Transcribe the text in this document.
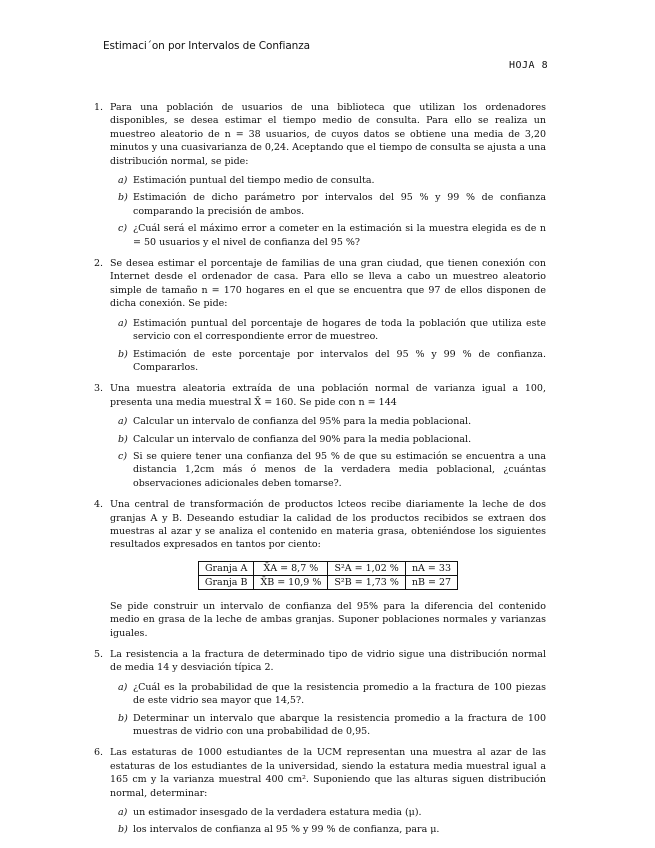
Estimaci´on por Intervalos de Confianza
HOJA 8
1. Para una población de usuarios de una biblioteca que utilizan los ordenadores disponibles, se desea estimar el tiempo medio de consulta. Para ello se realiza un muestreo aleatorio de n = 38 usuarios, de cuyos datos se obtiene una media de 3,20 minutos y una cuasivarianza de 0,24. Aceptando que el tiempo de consulta se ajusta a una distribución normal, se pide:
a) Estimación puntual del tiempo medio de consulta.
b) Estimación de dicho parámetro por intervalos del 95 % y 99 % de confianza comparando la precisión de ambos.
c) ¿Cuál será el máximo error a cometer en la estimación si la muestra elegida es de n = 50 usuarios y el nivel de confianza del 95 %?
2. Se desea estimar el porcentaje de familias de una gran ciudad, que tienen conexión con Internet desde el ordenador de casa. Para ello se lleva a cabo un muestreo aleatorio simple de tamaño n = 170 hogares en el que se encuentra que 97 de ellos disponen de dicha conexión. Se pide:
a) Estimación puntual del porcentaje de hogares de toda la población que utiliza este servicio con el correspondiente error de muestreo.
b) Estimación de este porcentaje por intervalos del 95 % y 99 % de confianza. Compararlos.
3. Una muestra aleatoria extraída de una población normal de varianza igual a 100, presenta una media muestral X̄ = 160. Se pide con n = 144
a) Calcular un intervalo de confianza del 95% para la media poblacional.
b) Calcular un intervalo de confianza del 90% para la media poblacional.
c) Si se quiere tener una confianza del 95 % de que su estimación se encuentra a una distancia 1,2cm más ó menos de la verdadera media poblacional, ¿cuántas observaciones adicionales deben tomarse?.
4. Una central de transformación de productos lcteos recibe diariamente la leche de dos granjas A y B. Deseando estudiar la calidad de los productos recibidos se extraen dos muestras al azar y se analiza el contenido en materia grasa, obteniéndose los siguientes resultados expresados en tantos por ciento:
Granja A	X̄A = 8,7 %	S²A = 1,02 %	nA = 33
Granja B	X̄B = 10,9 %	S²B = 1,73 %	nB = 27
Se pide construir un intervalo de confianza del 95% para la diferencia del contenido medio en grasa de la leche de ambas granjas. Suponer poblaciones normales y varianzas iguales.
5. La resistencia a la fractura de determinado tipo de vidrio sigue una distribución normal de media 14 y desviación típica 2.
a) ¿Cuál es la probabilidad de que la resistencia promedio a la fractura de 100 piezas de este vidrio sea mayor que 14,5?.
b) Determinar un intervalo que abarque la resistencia promedio a la fractura de 100 muestras de vidrio con una probabilidad de 0,95.
6. Las estaturas de 1000 estudiantes de la UCM representan una muestra al azar de las estaturas de los estudiantes de la universidad, siendo la estatura media muestral igual a 165 cm y la varianza muestral 400 cm². Suponiendo que las alturas siguen distribución normal, determinar:
a) un estimador insesgado de la verdadera estatura media (μ).
b) los intervalos de confianza al 95 % y 99 % de confianza, para μ.
